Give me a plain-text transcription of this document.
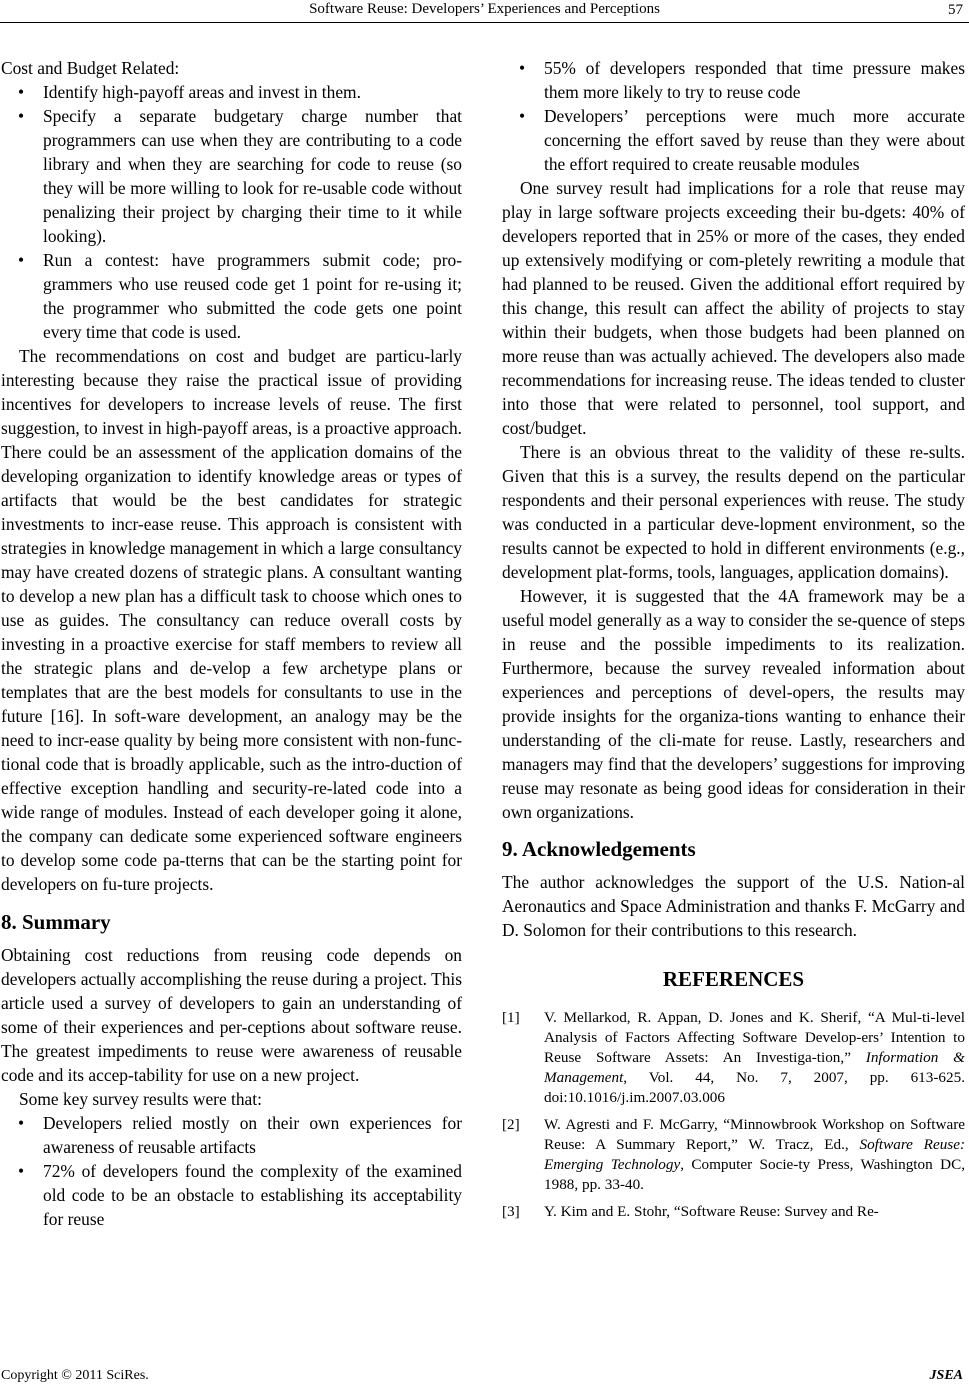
Software Reuse: Developers’ Experiences and Perceptions	57

Cost and Budget Related:

• Identify high-payoff areas and invest in them.
• Specify a separate budgetary charge number that programmers can use when they are contributing to a code library and when they are searching for code to reuse (so they will be more willing to look for re-usable code without penalizing their project by charging their time to it while looking).
• Run a contest: have programmers submit code; pro-grammers who use reused code get 1 point for re-using it; the programmer who submitted the code gets one point every time that code is used.

The recommendations on cost and budget are particu-larly interesting because they raise the practical issue of providing incentives for developers to increase levels of reuse. The first suggestion, to invest in high-payoff areas, is a proactive approach. There could be an assessment of the application domains of the developing organization to identify knowledge areas or types of artifacts that would be the best candidates for strategic investments to incr-ease reuse. This approach is consistent with strategies in knowledge management in which a large consultancy may have created dozens of strategic plans. A consultant wanting to develop a new plan has a difficult task to choose which ones to use as guides. The consultancy can reduce overall costs by investing in a proactive exercise for staff members to review all the strategic plans and de-velop a few archetype plans or templates that are the best models for consultants to use in the future [16]. In soft-ware development, an analogy may be the need to incr-ease quality by being more consistent with non-func-tional code that is broadly applicable, such as the intro-duction of effective exception handling and security-re-lated code into a wide range of modules. Instead of each developer going it alone, the company can dedicate some experienced software engineers to develop some code pa-tterns that can be the starting point for developers on fu-ture projects.

8. Summary

Obtaining cost reductions from reusing code depends on developers actually accomplishing the reuse during a project. This article used a survey of developers to gain an understanding of some of their experiences and per-ceptions about software reuse. The greatest impediments to reuse were awareness of reusable code and its accep-tability for use on a new project.

Some key survey results were that:

• Developers relied mostly on their own experiences for awareness of reusable artifacts
• 72% of developers found the complexity of the examined old code to be an obstacle to establishing its acceptability for reuse
• 55% of developers responded that time pressure makes them more likely to try to reuse code
• Developers’ perceptions were much more accurate concerning the effort saved by reuse than they were about the effort required to create reusable modules

One survey result had implications for a role that reuse may play in large software projects exceeding their bu-dgets: 40% of developers reported that in 25% or more of the cases, they ended up extensively modifying or com-pletely rewriting a module that had planned to be reused. Given the additional effort required by this change, this result can affect the ability of projects to stay within their budgets, when those budgets had been planned on more reuse than was actually achieved. The developers also made recommendations for increasing reuse. The ideas tended to cluster into those that were related to personnel, tool support, and cost/budget.

There is an obvious threat to the validity of these re-sults. Given that this is a survey, the results depend on the particular respondents and their personal experiences with reuse. The study was conducted in a particular deve-lopment environment, so the results cannot be expected to hold in different environments (e.g., development plat-forms, tools, languages, application domains).

However, it is suggested that the 4A framework may be a useful model generally as a way to consider the se-quence of steps in reuse and the possible impediments to its realization. Furthermore, because the survey revealed information about experiences and perceptions of devel-opers, the results may provide insights for the organiza-tions wanting to enhance their understanding of the cli-mate for reuse. Lastly, researchers and managers may find that the developers’ suggestions for improving reuse may resonate as being good ideas for consideration in their own organizations.

9. Acknowledgements

The author acknowledges the support of the U.S. Nation-al Aeronautics and Space Administration and thanks F. McGarry and D. Solomon for their contributions to this research.

REFERENCES
[1] V. Mellarkod, R. Appan, D. Jones and K. Sherif, “A Mul-ti-level Analysis of Factors Affecting Software Develop-ers’ Intention to Reuse Software Assets: An Investiga-tion,” Information & Management, Vol. 44, No. 7, 2007, pp. 613-625. doi:10.1016/j.im.2007.03.006
[2] W. Agresti and F. McGarry, “Minnowbrook Workshop on Software Reuse: A Summary Report,” W. Tracz, Ed., Software Reuse: Emerging Technology, Computer Socie-ty Press, Washington DC, 1988, pp. 33-40.
[3] Y. Kim and E. Stohr, “Software Reuse: Survey and Re-
Copyright © 2011 SciRes.	JSEA
